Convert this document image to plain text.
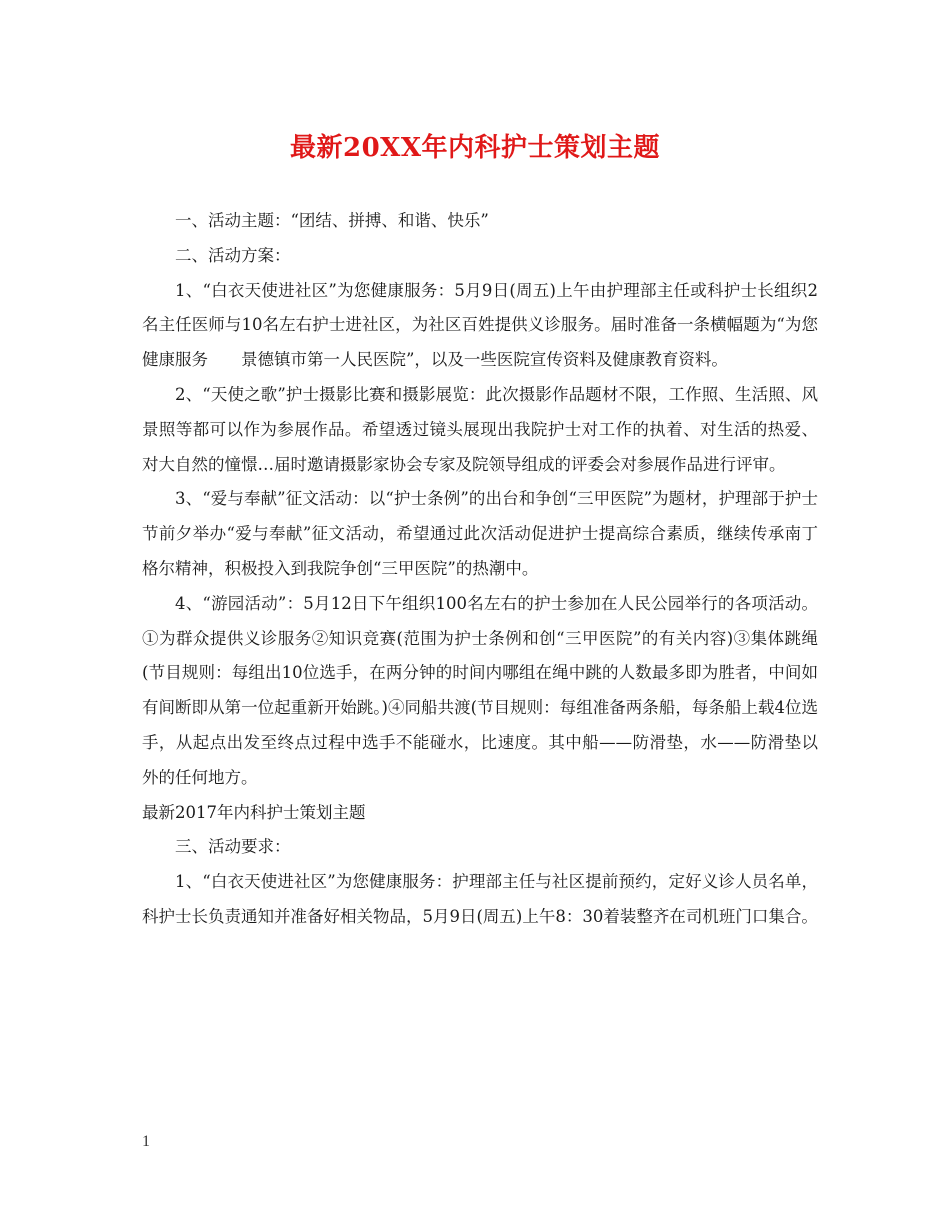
最新20XX年内科护士策划主题

一、活动主题：“团结、拼搏、和谐、快乐”

二、活动方案：

1、“白衣天使进社区”为您健康服务：5月9日(周五)上午由护理部主任或科护士长组织2名主任医师与10名左右护士进社区，为社区百姓提供义诊服务。届时准备一条横幅题为“为您健康服务　　景德镇市第一人民医院”，以及一些医院宣传资料及健康教育资料。

2、“天使之歌”护士摄影比赛和摄影展览：此次摄影作品题材不限，工作照、生活照、风景照等都可以作为参展作品。希望透过镜头展现出我院护士对工作的执着、对生活的热爱、对大自然的憧憬…届时邀请摄影家协会专家及院领导组成的评委会对参展作品进行评审。

3、“爱与奉献”征文活动：以“护士条例”的出台和争创“三甲医院”为题材，护理部于护士节前夕举办“爱与奉献”征文活动，希望通过此次活动促进护士提高综合素质，继续传承南丁格尔精神，积极投入到我院争创“三甲医院”的热潮中。

4、“游园活动”：5月12日下午组织100名左右的护士参加在人民公园举行的各项活动。①为群众提供义诊服务②知识竞赛(范围为护士条例和创“三甲医院”的有关内容)③集体跳绳(节目规则：每组出10位选手，在两分钟的时间内哪组在绳中跳的人数最多即为胜者，中间如有间断即从第一位起重新开始跳。)④同船共渡(节目规则：每组准备两条船，每条船上载4位选手，从起点出发至终点过程中选手不能碰水，比速度。其中船——防滑垫，水——防滑垫以外的任何地方。

最新2017年内科护士策划主题

三、活动要求：

1、“白衣天使进社区”为您健康服务：护理部主任与社区提前预约，定好义诊人员名单，科护士长负责通知并准备好相关物品，5月9日(周五)上午8：30着装整齐在司机班门口集合。

1
